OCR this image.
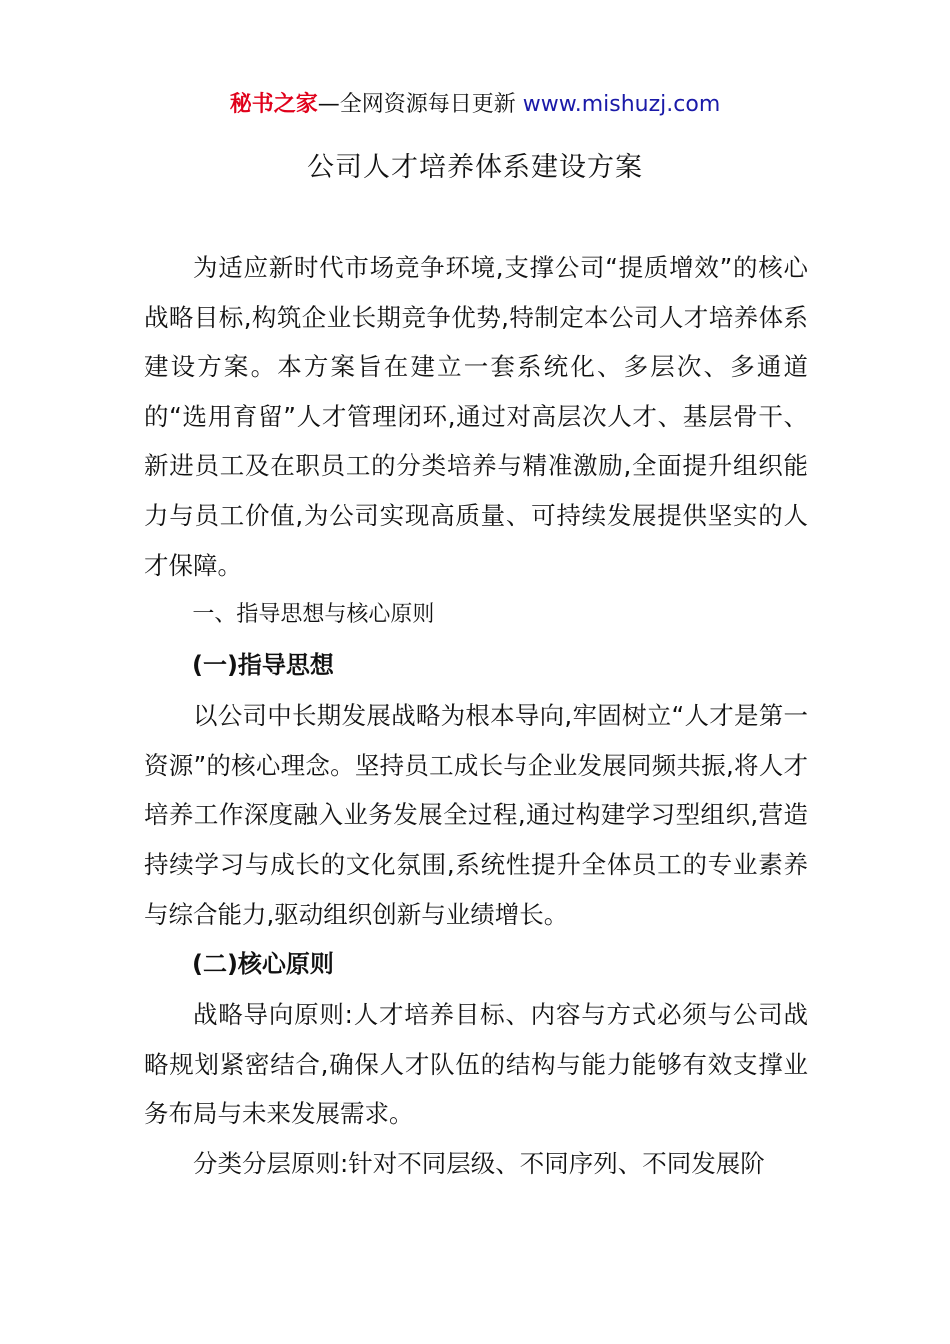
秘书之家—全网资源每日更新 www.mishuzj.com
公司人才培养体系建设方案

为适应新时代市场竞争环境,支撑公司“提质增效”的核心战略目标,构筑企业长期竞争优势,特制定本公司人才培养体系建设方案。本方案旨在建立一套系统化、多层次、多通道的“选用育留”人才管理闭环,通过对高层次人才、基层骨干、新进员工及在职员工的分类培养与精准激励,全面提升组织能力与员工价值,为公司实现高质量、可持续发展提供坚实的人才保障。

一、指导思想与核心原则

(一)指导思想

以公司中长期发展战略为根本导向,牢固树立“人才是第一资源”的核心理念。坚持员工成长与企业发展同频共振,将人才培养工作深度融入业务发展全过程,通过构建学习型组织,营造持续学习与成长的文化氛围,系统性提升全体员工的专业素养与综合能力,驱动组织创新与业绩增长。

(二)核心原则

战略导向原则:人才培养目标、内容与方式必须与公司战略规划紧密结合,确保人才队伍的结构与能力能够有效支撑业务布局与未来发展需求。

分类分层原则:针对不同层级、不同序列、不同发展阶
